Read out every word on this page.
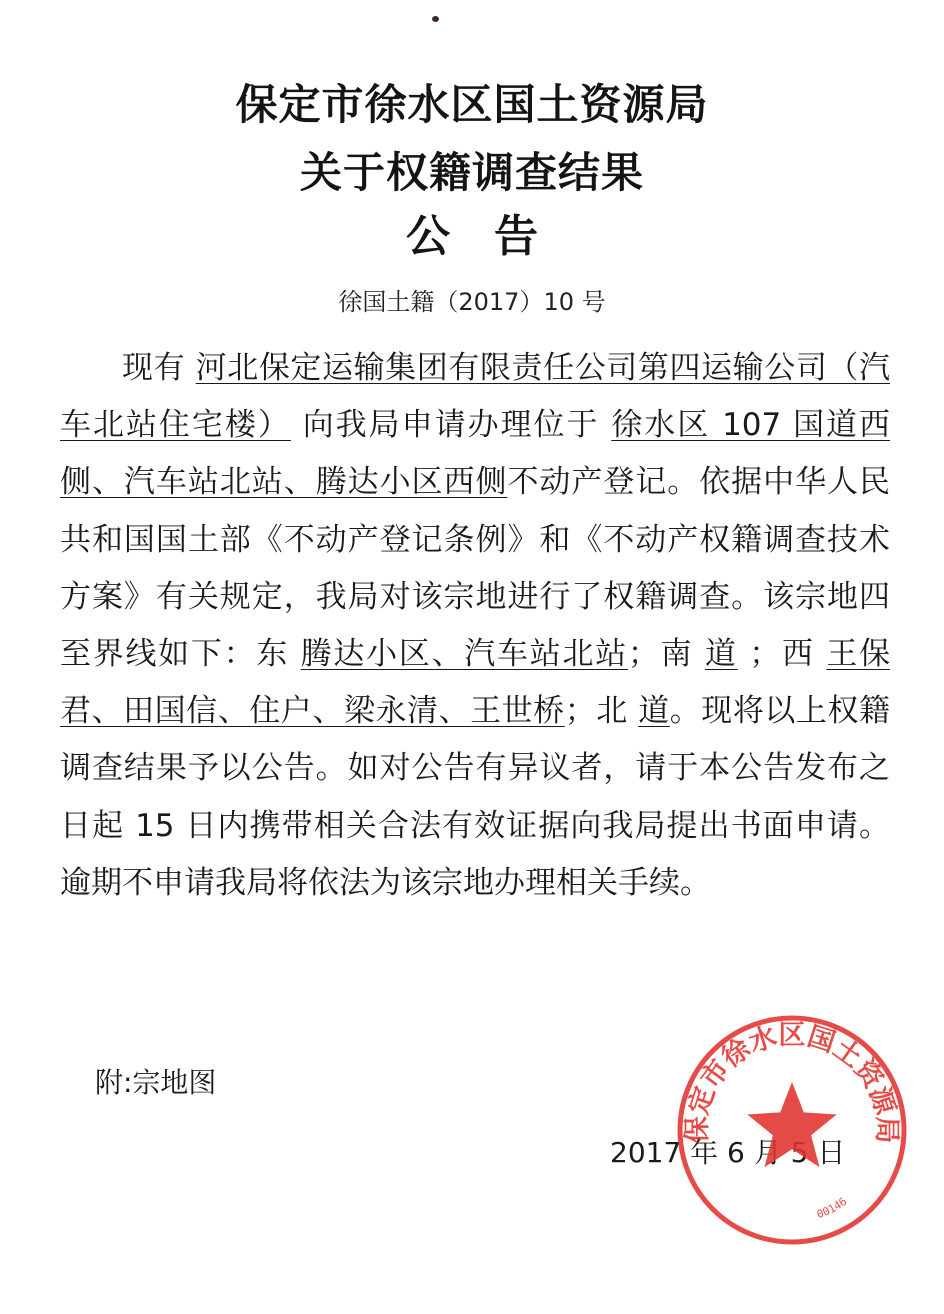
保定市徐水区国土资源局
关于权籍调查结果
公告
徐国土籍（2017）10 号

现有 河北保定运输集团有限责任公司第四运输公司（汽车北站住宅楼） 向我局申请办理位于 徐水区 107 国道西侧、汽车站北站、腾达小区西侧不动产登记。依据中华人民共和国国土部《不动产登记条例》和《不动产权籍调查技术方案》有关规定，我局对该宗地进行了权籍调查。该宗地四至界线如下：东 腾达小区、汽车站北站；南 道 ；西 王保君、田国信、住户、梁永清、王世桥；北 道。现将以上权籍调查结果予以公告。如对公告有异议者，请于本公告发布之日起 15 日内携带相关合法有效证据向我局提出书面申请。逾期不申请我局将依法为该宗地办理相关手续。

附:宗地图
2017 年 6 月 5 日
保定市徐水区国土资源局
00146
